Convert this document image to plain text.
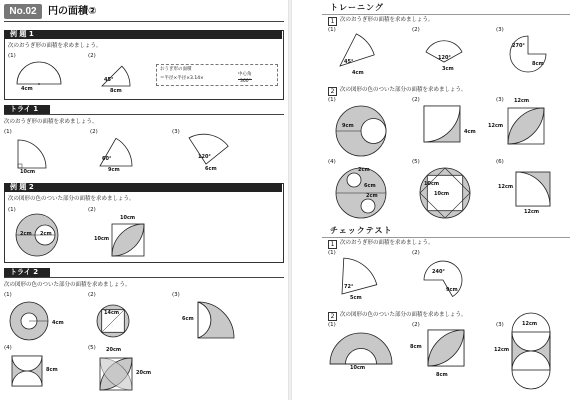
No.02	円の面積②
例 題 1
次のおうぎ形の面積を求めましょう。
(1)	(2)
4cm
45°
8cm
おうぎ形の面積
＝半径×半径×3.14×
中心角
360°
トライ 1
次のおうぎ形の面積を求めましょう。
(1)	(2)	(3)
10cm
60°
9cm
120°
6cm
例 題 2
次の図形の色のついた部分の面積を求めましょう。
(1)	(2)
2cm 2cm
10cm
10cm
トライ 2
次の図形の色のついた部分の面積を求めましょう。
(1)	(2)	(3)
4cm
14cm
6cm
(4)	(5)
8cm
20cm
20cm
トレーニング
1	次のおうぎ形の面積を求めましょう。
(1)	(2)	(3)
45°
4cm
120°
3cm
270°
8cm
2	次の図形の色のついた部分の面積を求めましょう。
(1)	(2)	(3)
9cm
4cm
12cm
12cm
(4)	(5)	(6)
2cm
6cm
2cm
10cm
10cm
12cm
12cm
チェックテスト
1	次のおうぎ形の面積を求めましょう。
(1)	(2)
72°
5cm
240°
9cm
2	次の図形の色のついた部分の面積を求めましょう。
(1)	(2)	(3)
10cm
8cm
8cm
12cm
12cm
